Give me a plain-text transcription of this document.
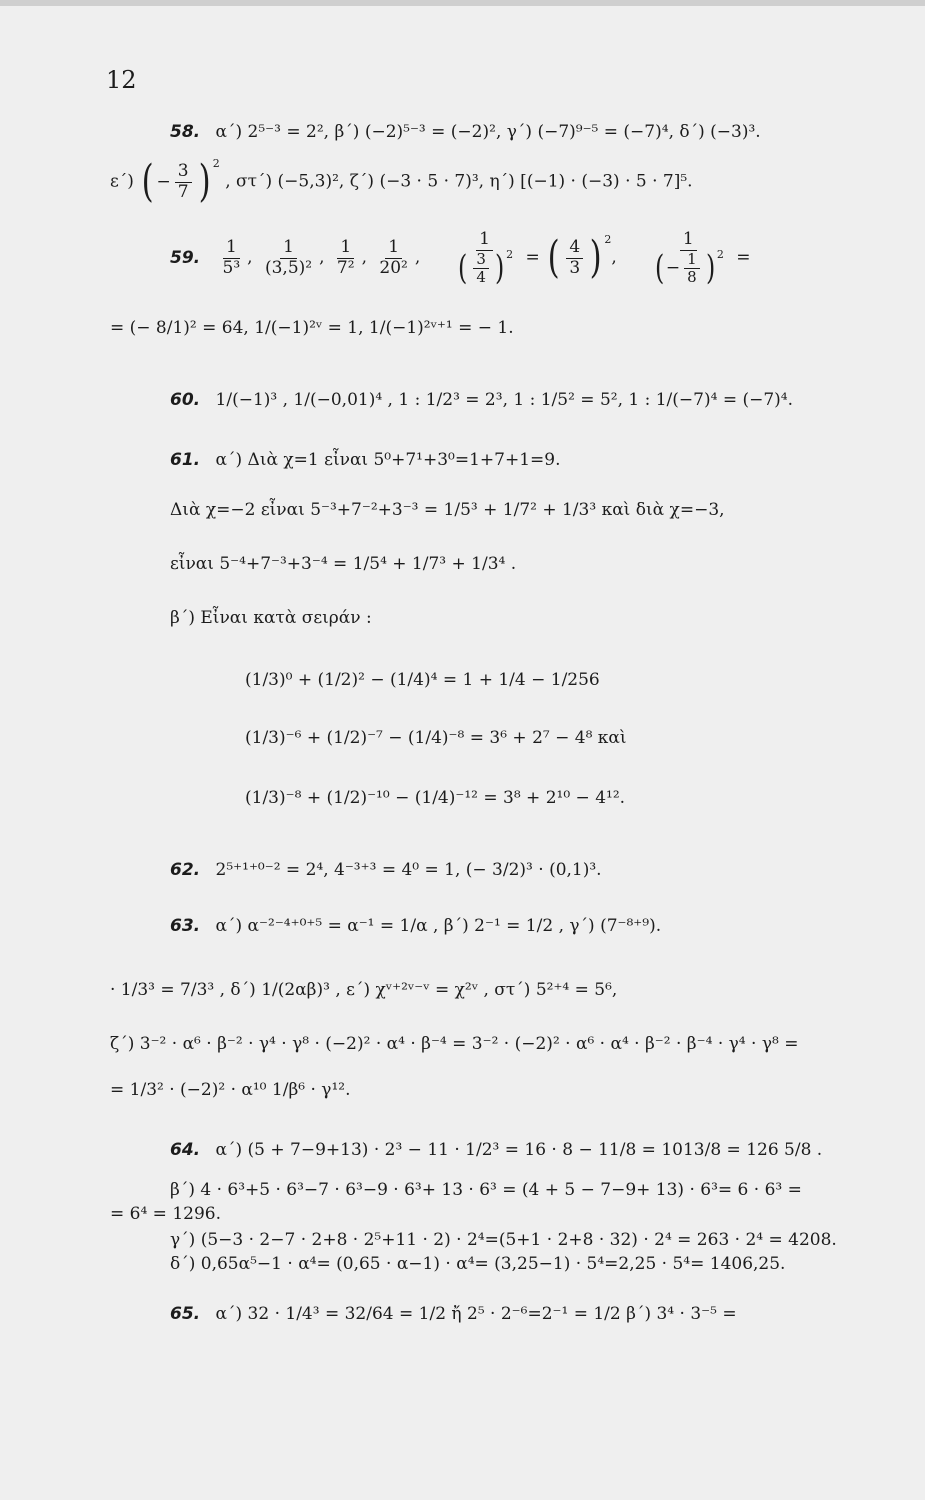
12
58. α΄) 2⁵⁻³ = 2², β΄) (−2)⁵⁻³ = (−2)², γ΄) (−7)⁹⁻⁵ = (−7)⁴, δ΄) (−3)³.
ε΄) ( −
3
7 ) 2
, στ΄) (−5,3)², ζ΄) (−3 · 5 · 7)³, η΄) [(−1) · (−3) · 5 · 7]⁵.
59. $\frac{1}{\text{5³}}$ , $\frac{1}{\text{(3,5)²}}$ , $\frac{1}{\text{7²}}$ , $\frac{1}{\text{20²}}$ , 1
( 3
4 ) 2 = ( 4
3 ) 2
, 1
( − 1
8 ) 2 =
= (− 8/1)² = 64, 1/(−1)²ᵛ = 1, 1/(−1)²ᵛ⁺¹ = − 1.
60. 1/(−1)³ , 1/(−0,01)⁴ , 1 : 1/2³ = 2³, 1 : 1/5² = 5², 1 : 1/(−7)⁴ = (−7)⁴.
61. α΄) Διὰ χ=1 εἶναι 5⁰+7¹+3⁰=1+7+1=9.
Διὰ χ=−2 εἶναι 5⁻³+7⁻²+3⁻³ = 1/5³ + 1/7² + 1/3³ καὶ διὰ χ=−3,
εἶναι 5⁻⁴+7⁻³+3⁻⁴ = 1/5⁴ + 1/7³ + 1/3⁴ .
β΄) Εἶναι κατὰ σειράν :
(1/3)⁰ + (1/2)² − (1/4)⁴ = 1 + 1/4 − 1/256
(1/3)⁻⁶ + (1/2)⁻⁷ − (1/4)⁻⁸ = 3⁶ + 2⁷ − 4⁸ καὶ
(1/3)⁻⁸ + (1/2)⁻¹⁰ − (1/4)⁻¹² = 3⁸ + 2¹⁰ − 4¹².
62. 2⁵⁺¹⁺⁰⁻² = 2⁴, 4⁻³⁺³ = 4⁰ = 1, (− 3/2)³ · (0,1)³.
63. α΄) α⁻²⁻⁴⁺⁰⁺⁵ = α⁻¹ = 1/α , β΄) 2⁻¹ = 1/2 , γ΄) (7⁻⁸⁺⁹).
· 1/3³ = 7/3³ , δ΄) 1/(2αβ)³ , ε΄) χᵛ⁺²ᵛ⁻ᵛ = χ²ᵛ , στ΄) 5²⁺⁴ = 5⁶,
ζ΄) 3⁻² · α⁶ · β⁻² · γ⁴ · γ⁸ · (−2)² · α⁴ · β⁻⁴ = 3⁻² · (−2)² · α⁶ · α⁴ · β⁻² · β⁻⁴ · γ⁴ · γ⁸ =
= 1/3² · (−2)² · α¹⁰ 1/β⁶ · γ¹².
64. α΄) (5 + 7−9+13) · 2³ − 11 · 1/2³ = 16 · 8 − 11/8 = 1013/8 = 126 5/8 .
β΄) 4 · 6³+5 · 6³−7 · 6³−9 · 6³+ 13 · 6³ = (4 + 5 − 7−9+ 13) · 6³= 6 · 6³ =
= 6⁴ = 1296.
γ΄) (5−3 · 2−7 · 2+8 · 2⁵+11 · 2) · 2⁴=(5+1 · 2+8 · 32) · 2⁴ = 263 · 2⁴ = 4208.
δ΄) 0,65α⁵−1 · α⁴= (0,65 · α−1) · α⁴= (3,25−1) · 5⁴=2,25 · 5⁴= 1406,25.
65. α΄) 32 · 1/4³ = 32/64 = 1/2 ἤ 2⁵ · 2⁻⁶=2⁻¹ = 1/2 β΄) 3⁴ · 3⁻⁵ =
